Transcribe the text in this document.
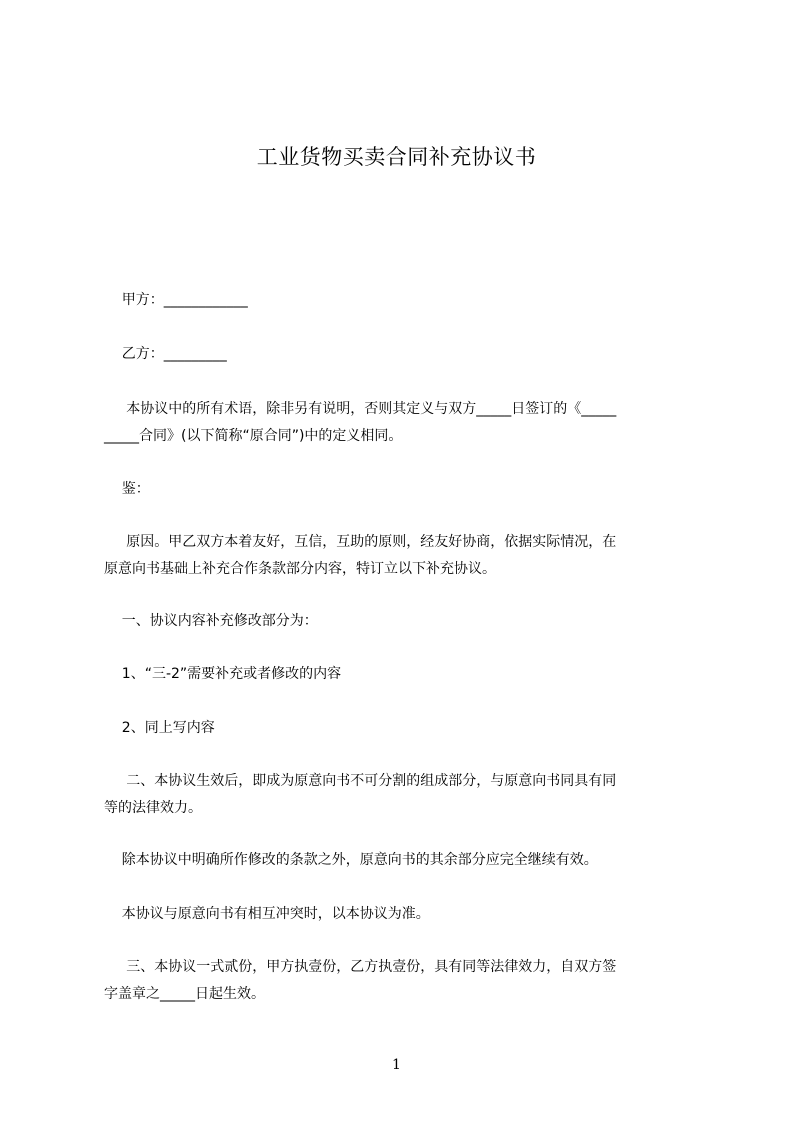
工业货物买卖合同补充协议书

甲方：____________

乙方：_________

本协议中的所有术语，除非另有说明，否则其定义与双方_____日签订的《_____

_____合同》(以下简称“原合同”)中的定义相同。

鉴：

原因。甲乙双方本着友好，互信，互助的原则，经友好协商，依据实际情况，在

原意向书基础上补充合作条款部分内容，特订立以下补充协议。

一、协议内容补充修改部分为：

1、“三-2”需要补充或者修改的内容

2、同上写内容

二、本协议生效后，即成为原意向书不可分割的组成部分，与原意向书同具有同

等的法律效力。

除本协议中明确所作修改的条款之外，原意向书的其余部分应完全继续有效。

本协议与原意向书有相互冲突时，以本协议为准。

三、本协议一式贰份，甲方执壹份，乙方执壹份，具有同等法律效力，自双方签

字盖章之_____日起生效。

1
